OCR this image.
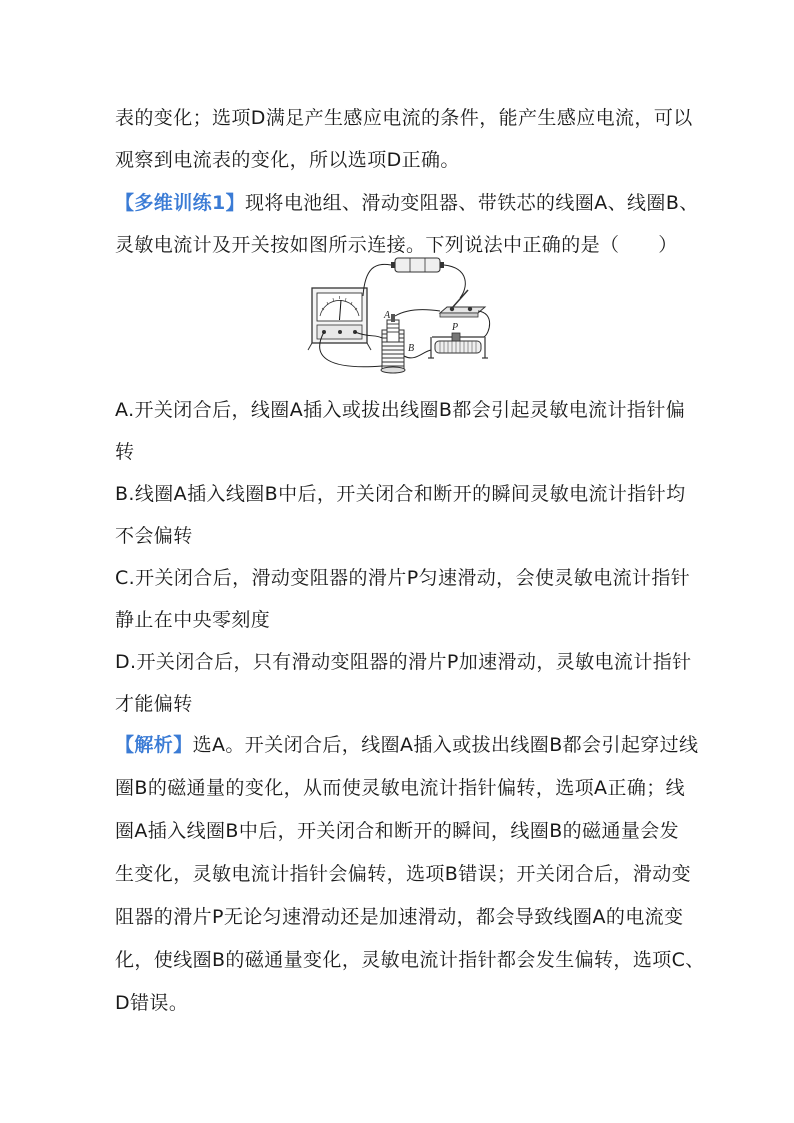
表的变化；选项D满足产生感应电流的条件，能产生感应电流，可以
观察到电流表的变化，所以选项D正确。
【多维训练1】现将电池组、滑动变阻器、带铁芯的线圈A、线圈B、
灵敏电流计及开关按如图所示连接。下列说法中正确的是（　　）
A
B
P
A.开关闭合后，线圈A插入或拔出线圈B都会引起灵敏电流计指针偏
转
B.线圈A插入线圈B中后，开关闭合和断开的瞬间灵敏电流计指针均
不会偏转
C.开关闭合后，滑动变阻器的滑片P匀速滑动，会使灵敏电流计指针
静止在中央零刻度
D.开关闭合后，只有滑动变阻器的滑片P加速滑动，灵敏电流计指针
才能偏转
【解析】选A。开关闭合后，线圈A插入或拔出线圈B都会引起穿过线
圈B的磁通量的变化，从而使灵敏电流计指针偏转，选项A正确；线
圈A插入线圈B中后，开关闭合和断开的瞬间，线圈B的磁通量会发
生变化，灵敏电流计指针会偏转，选项B错误；开关闭合后，滑动变
阻器的滑片P无论匀速滑动还是加速滑动，都会导致线圈A的电流变
化，使线圈B的磁通量变化，灵敏电流计指针都会发生偏转，选项C、
D错误。
